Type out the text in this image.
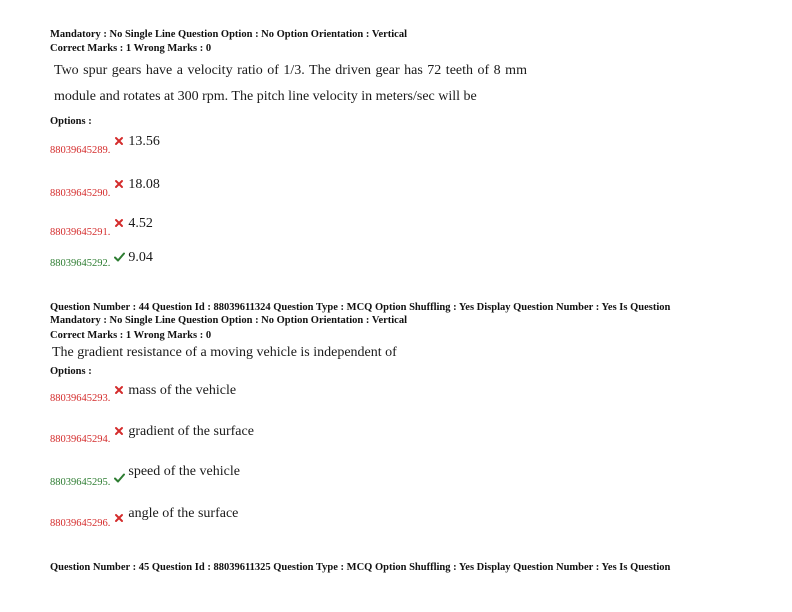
Mandatory : No Single Line Question Option : No Option Orientation : Vertical
Correct Marks : 1 Wrong Marks : 0
Two spur gears have a velocity ratio of 1/3. The driven gear has 72 teeth of 8 mm
module and rotates at 300 rpm. The pitch line velocity in meters/sec will be
Options :
$_{88039645289.}$
13.56
$_{88039645290.}$
18.08
$_{88039645291.}$
4.52
$_{88039645292.}$ 9.04
Question Number : 44 Question Id : 88039611324 Question Type : MCQ Option Shuffling : Yes Display Question Number : Yes Is Question
Mandatory : No Single Line Question Option : No Option Orientation : Vertical
Correct Marks : 1 Wrong Marks : 0
The gradient resistance of a moving vehicle is independent of
Options :
$_{88039645293.}$
mass of the vehicle
$_{88039645294.}$
gradient of the surface
$_{88039645295.}$
speed of the vehicle
$_{88039645296.}$
angle of the surface
Question Number : 45 Question Id : 88039611325 Question Type : MCQ Option Shuffling : Yes Display Question Number : Yes Is Question
